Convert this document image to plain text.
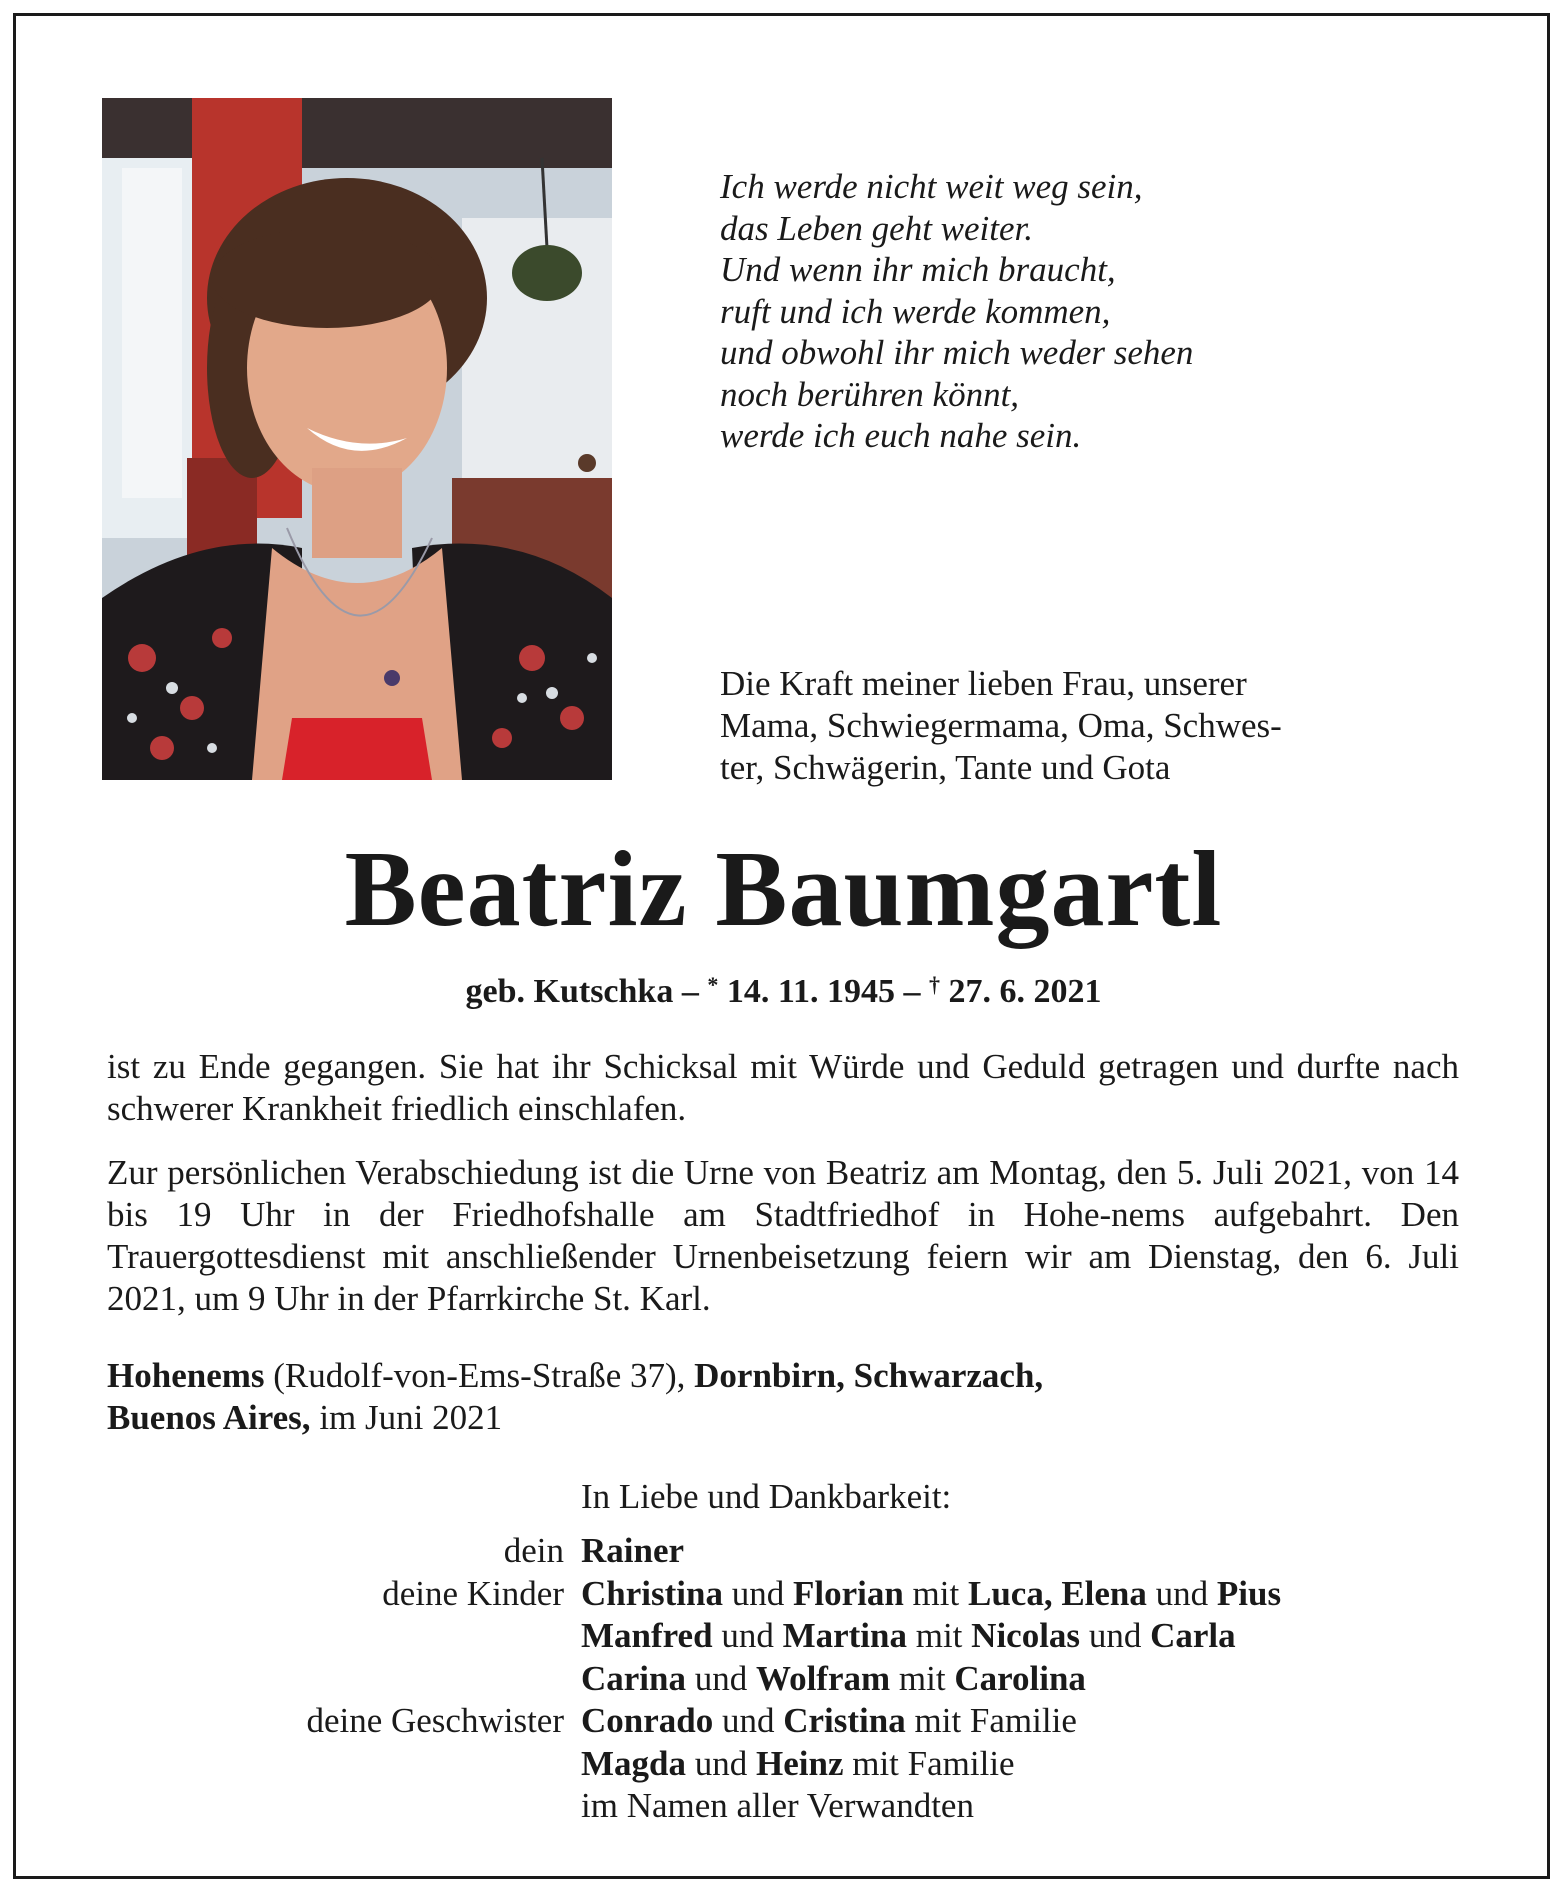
Ich werde nicht weit weg sein,
das Leben geht weiter.
Und wenn ihr mich braucht,
ruft und ich werde kommen,
und obwohl ihr mich weder sehen
noch berühren könnt,
werde ich euch nahe sein.

Die Kraft meiner lieben Frau, unserer
Mama, Schwiegermama, Oma, Schwes-
ter, Schwägerin, Tante und Gota

Beatriz Baumgartl
geb. Kutschka – * 14. 11. 1945 – † 27. 6. 2021

ist zu Ende gegangen. Sie hat ihr Schicksal mit Würde und Geduld getragen und durfte nach schwerer Krankheit friedlich einschlafen.

Zur persönlichen Verabschiedung ist die Urne von Beatriz am Montag, den 5. Juli 2021, von 14 bis 19 Uhr in der Friedhofshalle am Stadtfriedhof in Hohe-nems aufgebahrt. Den Trauergottesdienst mit anschließender Urnenbeisetzung feiern wir am Dienstag, den 6. Juli 2021, um 9 Uhr in der Pfarrkirche St. Karl.

Hohenems (Rudolf-von-Ems-Straße 37), Dornbirn, Schwarzach,
Buenos Aires, im Juni 2021

In Liebe und Dankbarkeit:

dein Rainer
deine Kinder Christina und Florian mit Luca, Elena und Pius
Manfred und Martina mit Nicolas und Carla
Carina und Wolfram mit Carolina
deine Geschwister Conrado und Cristina mit Familie
Magda und Heinz mit Familie
im Namen aller Verwandten
